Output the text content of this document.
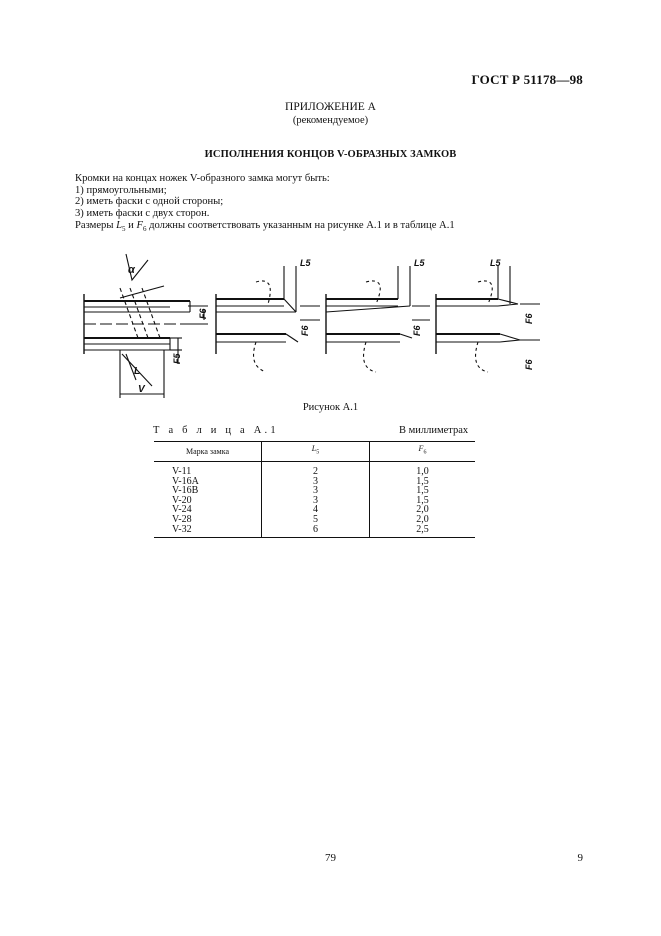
ГОСТ Р 51178—98
ПРИЛОЖЕНИЕ А
(рекомендуемое)
ИСПОЛНЕНИЯ КОНЦОВ V-ОБРАЗНЫХ ЗАМКОВ

Кромки на концах ножек V-образного замка могут быть:

1) прямоугольными;

2) иметь фаски с одной стороны;

3) иметь фаски с двух сторон.

Размеры $L_5$ и $F_6$ должны соответствовать указанным на рисунке А.1 и в таблице А.1

α
L
V
F6
F5
L5
F6
L5
F6
L5
F6
F6
Рисунок А.1
Т а б л и ц а А.1	В миллиметрах
Марка замка	$L_5$	$F_6$
V-11	2	1,0
V-16A	3	1,5
V-16B	3	1,5
V-20	3	1,5
V-24	4	2,0
V-28	5	2,0
V-32	6	2,5
79	9
